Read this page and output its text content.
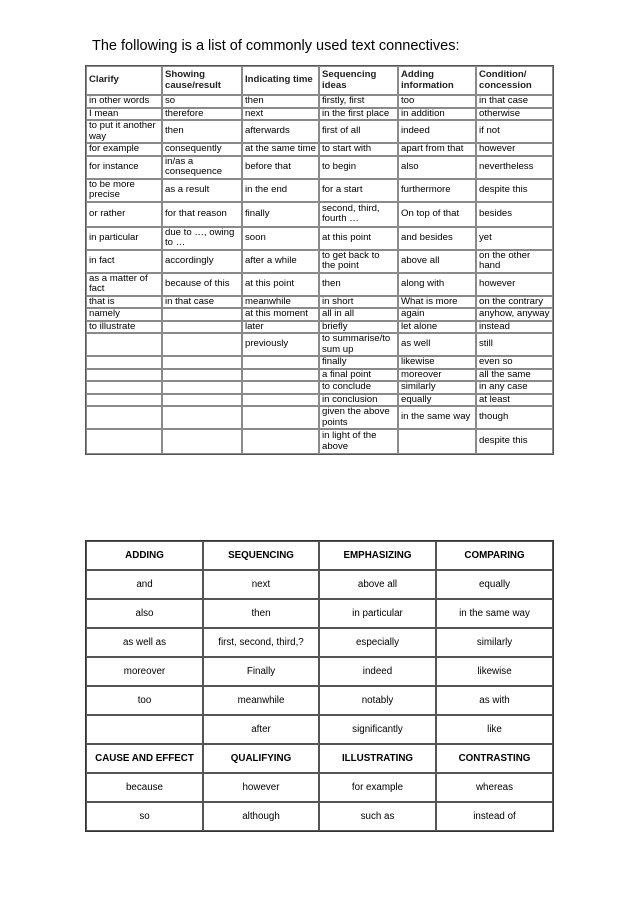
The following is a list of commonly used text connectives:
Clarify	Showing cause/result	Indicating time	Sequencing ideas	Adding information	Condition/ concession
in other words	so	then	firstly, first	too	in that case
I mean	therefore	next	in the first place	in addition	otherwise
to put it another way	then	afterwards	first of all	indeed	if not
for example	consequently	at the same time	to start with	apart from that	however
for instance	in/as a consequence	before that	to begin	also	nevertheless
to be more precise	as a result	in the end	for a start	furthermore	despite this
or rather	for that reason	finally	second, third, fourth …	On top of that	besides
in particular	due to …, owing to …	soon	at this point	and besides	yet
in fact	accordingly	after a while	to get back to the point	above all	on the other hand
as a matter of fact	because of this	at this point	then	along with	however
that is	in that case	meanwhile	in short	What is more	on the contrary
namely		at this moment	all in all	again	anyhow, anyway
to illustrate		later	briefly	let alone	instead
		previously	to summarise/to sum up	as well	still
			finally	likewise	even so
			a final point	moreover	all the same
			to conclude	similarly	in any case
			in conclusion	equally	at least
			given the above points	in the same way	though
			in light of the above		despite this
ADDING	SEQUENCING	EMPHASIZING	COMPARING
and	next	above all	equally
also	then	in particular	in the same way
as well as	first, second, third,?	especially	similarly
moreover	Finally	indeed	likewise
too	meanwhile	notably	as with
	after	significantly	like
CAUSE AND EFFECT	QUALIFYING	ILLUSTRATING	CONTRASTING
because	however	for example	whereas
so	although	such as	instead of
